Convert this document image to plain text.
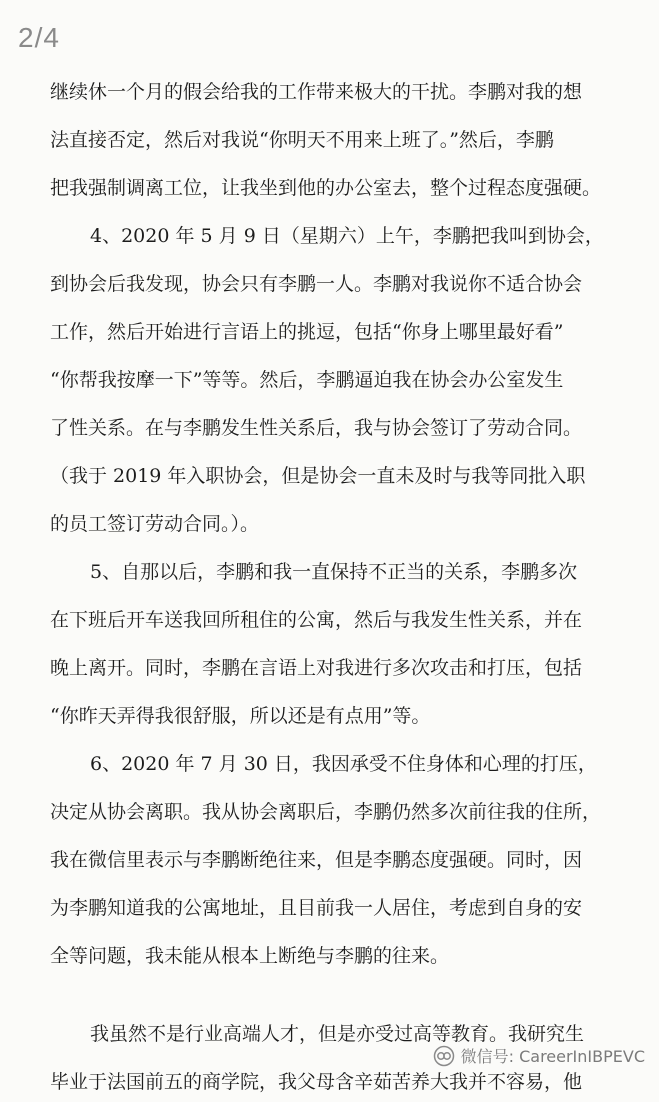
2/4
继续休一个月的假会给我的工作带来极大的干扰。李鹏对我的想
法直接否定，然后对我说“你明天不用来上班了。”然后，李鹏
把我强制调离工位，让我坐到他的办公室去，整个过程态度强硬。
4、2020 年 5 月 9 日（星期六）上午，李鹏把我叫到协会，
到协会后我发现，协会只有李鹏一人。李鹏对我说你不适合协会
工作，然后开始进行言语上的挑逗，包括“你身上哪里最好看”
“你帮我按摩一下”等等。然后，李鹏逼迫我在协会办公室发生
了性关系。在与李鹏发生性关系后，我与协会签订了劳动合同。
（我于 2019 年入职协会，但是协会一直未及时与我等同批入职
的员工签订劳动合同。）。
5、自那以后，李鹏和我一直保持不正当的关系，李鹏多次
在下班后开车送我回所租住的公寓，然后与我发生性关系，并在
晚上离开。同时，李鹏在言语上对我进行多次攻击和打压，包括
“你昨天弄得我很舒服，所以还是有点用”等。
6、2020 年 7 月 30 日，我因承受不住身体和心理的打压，
决定从协会离职。我从协会离职后，李鹏仍然多次前往我的住所，
我在微信里表示与李鹏断绝往来，但是李鹏态度强硬。同时，因
为李鹏知道我的公寓地址，且目前我一人居住，考虑到自身的安
全等问题，我未能从根本上断绝与李鹏的往来。
我虽然不是行业高端人才，但是亦受过高等教育。我研究生
毕业于法国前五的商学院，我父母含辛茹苦养大我并不容易，他
微信号: CareerInIBPEVC
